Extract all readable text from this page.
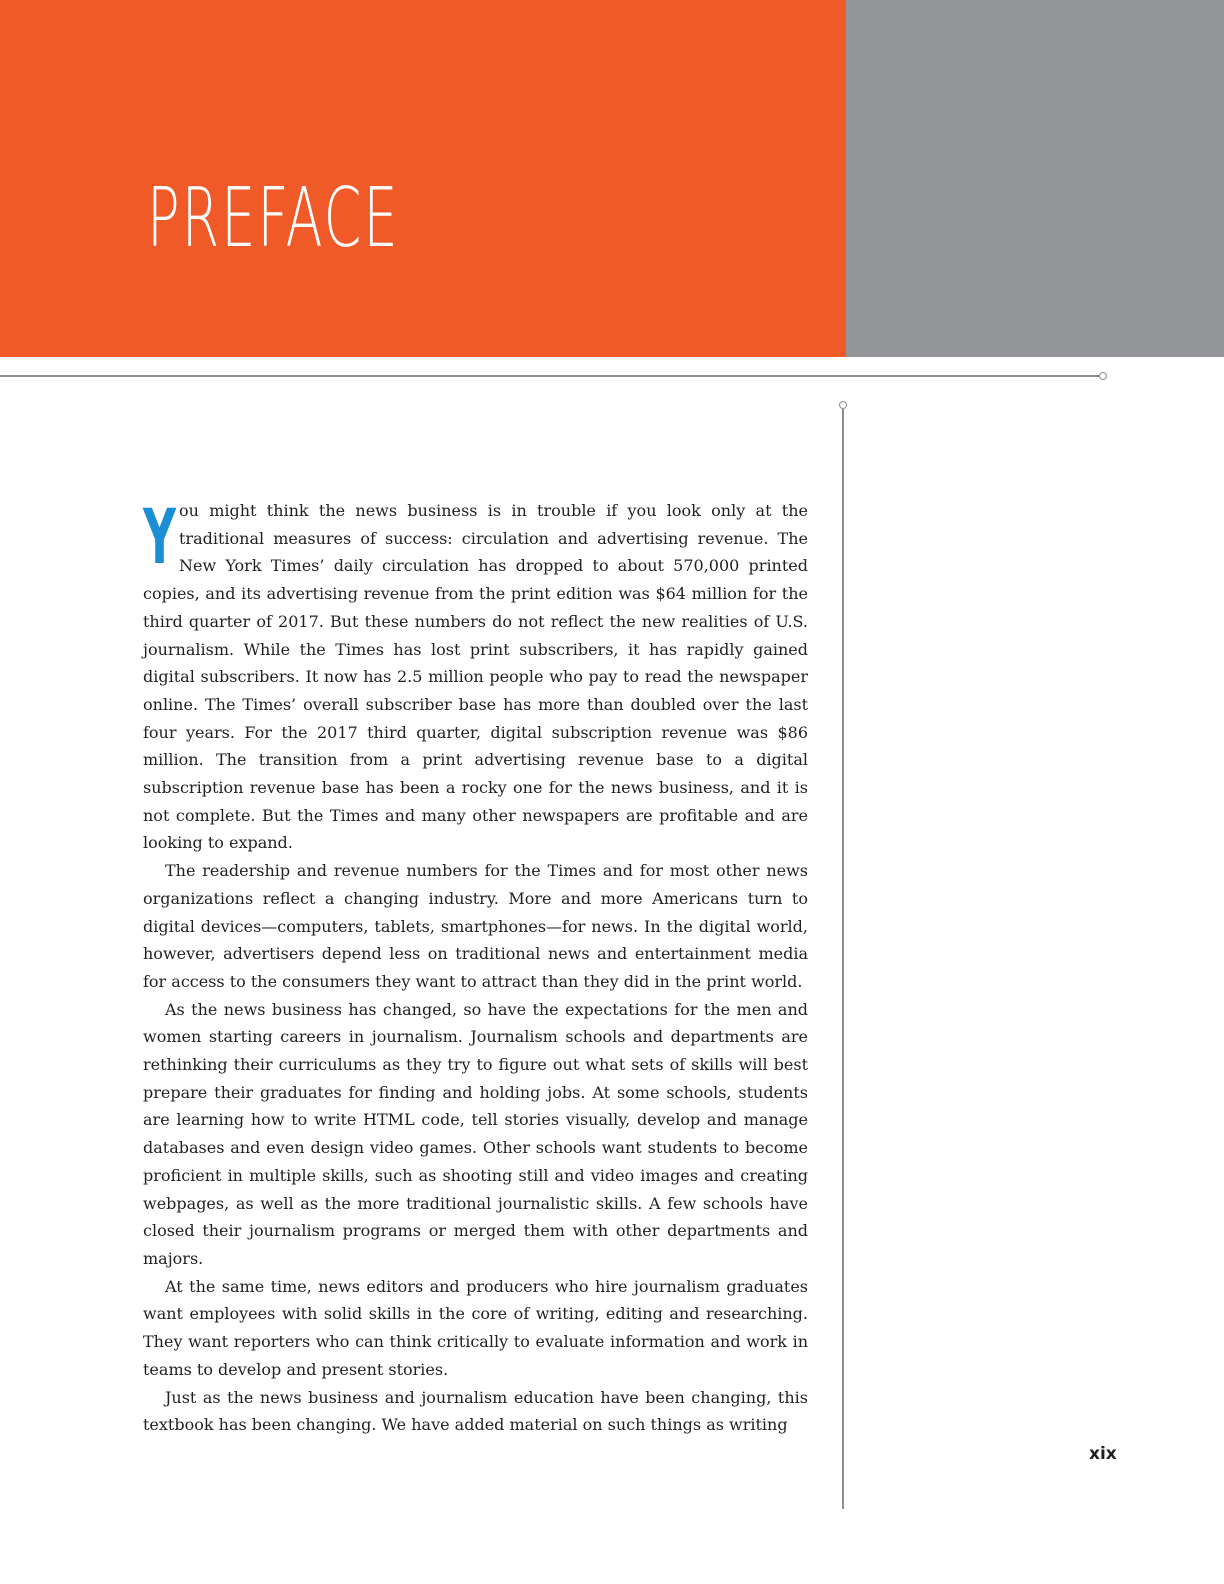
PREFACE

You might think the news business is in trouble if you look only at the traditional measures of success: circulation and advertising revenue. The New York Times’ daily circulation has dropped to about 570,000 printed copies, and its advertising revenue from the print edition was $64 million for the third quarter of 2017. But these numbers do not reflect the new realities of U.S. journalism. While the Times has lost print subscribers, it has rapidly gained digital subscribers. It now has 2.5 million people who pay to read the newspaper online. The Times’ overall subscriber base has more than doubled over the last four years. For the 2017 third quarter, digital subscription revenue was $86 million. The transition from a print advertising revenue base to a digital subscription revenue base has been a rocky one for the news business, and it is not complete. But the Times and many other newspapers are profitable and are looking to expand.

The readership and revenue numbers for the Times and for most other news organizations reflect a changing industry. More and more Americans turn to digital devices—computers, tablets, smartphones—for news. In the digital world, however, advertisers depend less on traditional news and entertainment media for access to the consumers they want to attract than they did in the print world.

As the news business has changed, so have the expectations for the men and women starting careers in journalism. Journalism schools and departments are rethinking their curriculums as they try to figure out what sets of skills will best prepare their graduates for finding and holding jobs. At some schools, students are learning how to write HTML code, tell stories visually, develop and manage databases and even design video games. Other schools want students to become proficient in multiple skills, such as shooting still and video images and creating webpages, as well as the more traditional journalistic skills. A few schools have closed their journalism programs or merged them with other departments and majors.

At the same time, news editors and producers who hire journalism graduates want employees with solid skills in the core of writing, editing and researching. They want reporters who can think critically to evaluate information and work in teams to develop and present stories.

Just as the news business and journalism education have been changing, this textbook has been changing. We have added material on such things as writing

xix
